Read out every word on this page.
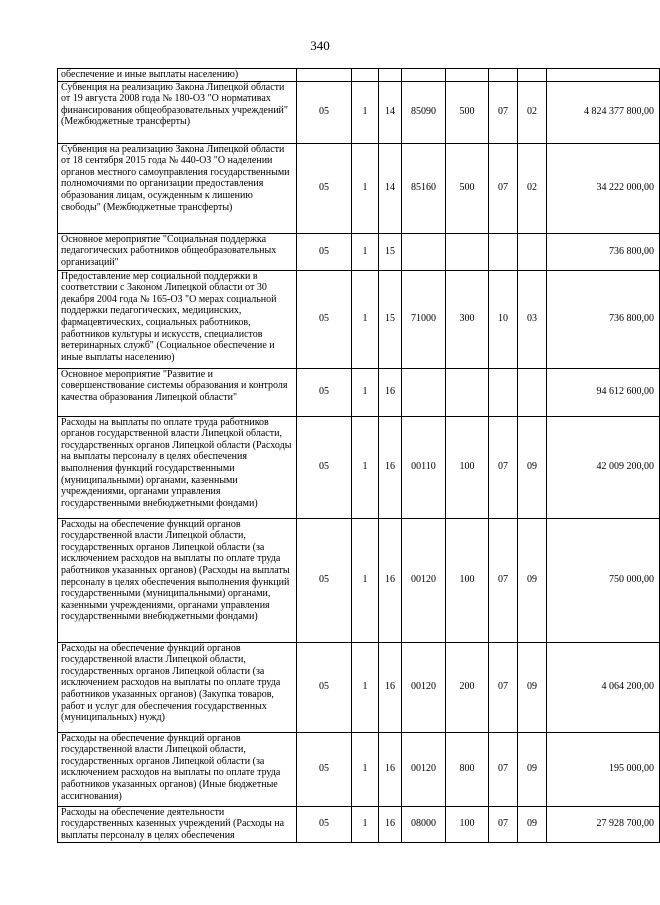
340
обеспечение и иные выплаты населению)								
Субвенция на реализацию Закона Липецкой области от 19 августа 2008 года № 180-ОЗ "О нормативах финансирования общеобразовательных учреждений" (Межбюджетные трансферты)	05	1	14	85090	500	07	02	4 824 377 800,00
Субвенция на реализацию Закона Липецкой области от 18 сентября 2015 года № 440-ОЗ "О наделении органов местного самоуправления государственными полномочиями по организации предоставления образования лицам, осужденным к лишению свободы" (Межбюджетные трансферты)	05	1	14	85160	500	07	02	34 222 000,00
Основное мероприятие "Социальная поддержка педагогических работников общеобразовательных организаций"	05	1	15					736 800,00
Предоставление мер социальной поддержки в соответствии с Законом Липецкой области от 30 декабря 2004 года № 165-ОЗ "О мерах социальной поддержки педагогических, медицинских, фармацевтических, социальных работников, работников культуры и искусств, специалистов ветеринарных служб" (Социальное обеспечение и иные выплаты населению)	05	1	15	71000	300	10	03	736 800,00
Основное мероприятие "Развитие и совершенствование системы образования и контроля качества образования Липецкой области"	05	1	16					94 612 600,00
Расходы на выплаты по оплате труда работников органов государственной власти Липецкой области, государственных органов Липецкой области (Расходы на выплаты персоналу в целях обеспечения выполнения функций государственными (муниципальными) органами, казенными учреждениями, органами управления государственными внебюджетными фондами)	05	1	16	00110	100	07	09	42 009 200,00
Расходы на обеспечение функций органов государственной власти Липецкой области, государственных органов Липецкой области (за исключением расходов на выплаты по оплате труда работников указанных органов) (Расходы на выплаты персоналу в целях обеспечения выполнения функций государственными (муниципальными) органами, казенными учреждениями, органами управления государственными внебюджетными фондами)	05	1	16	00120	100	07	09	750 000,00
Расходы на обеспечение функций органов государственной власти Липецкой области, государственных органов Липецкой области (за исключением расходов на выплаты по оплате труда работников указанных органов) (Закупка товаров, работ и услуг для обеспечения государственных (муниципальных) нужд)	05	1	16	00120	200	07	09	4 064 200,00
Расходы на обеспечение функций органов государственной власти Липецкой области, государственных органов Липецкой области (за исключением расходов на выплаты по оплате труда работников указанных органов) (Иные бюджетные ассигнования)	05	1	16	00120	800	07	09	195 000,00
Расходы на обеспечение деятельности государственных казенных учреждений (Расходы на выплаты персоналу в целях обеспечения	05	1	16	08000	100	07	09	27 928 700,00
